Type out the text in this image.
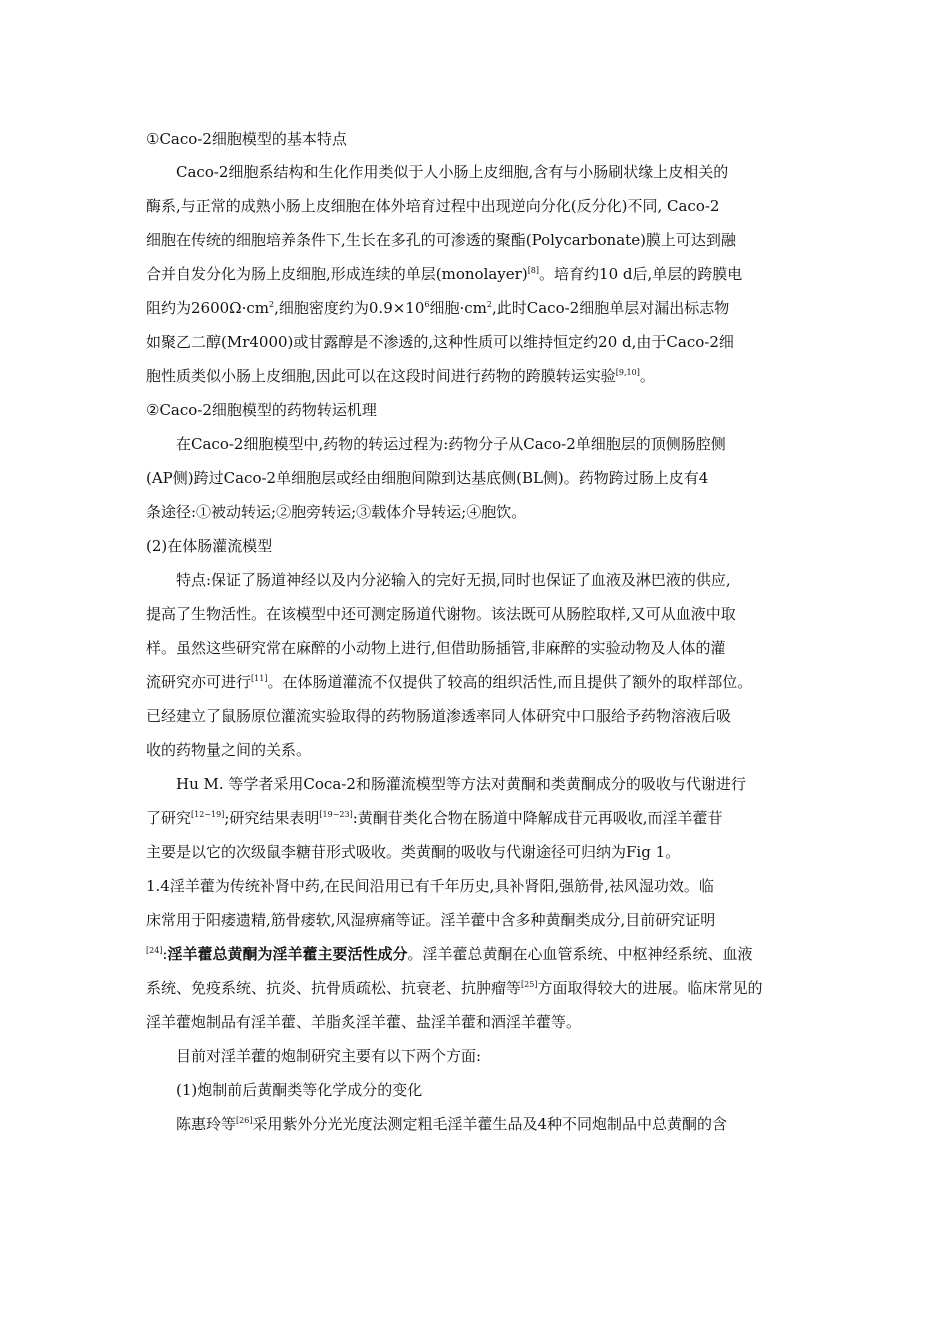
①Caco-2细胞模型的基本特点
Caco-2细胞系结构和生化作用类似于人小肠上皮细胞,含有与小肠刷状缘上皮相关的
酶系,与正常的成熟小肠上皮细胞在体外培育过程中出现逆向分化(反分化)不同, Caco-2
细胞在传统的细胞培养条件下,生长在多孔的可渗透的聚酯(Polycarbonate)膜上可达到融
合并自发分化为肠上皮细胞,形成连续的单层(monolayer)[8]。培育约10 d后,单层的跨膜电
阻约为$2600\Omega\cdot cm^2$,细胞密度约为$0.9\times 10^6$细胞$\cdot cm^2$,此时Caco-2细胞单层对漏出标志物
如聚乙二醇(Mr4000)或甘露醇是不渗透的,这种性质可以维持恒定约20 d,由于Caco-2细
胞性质类似小肠上皮细胞,因此可以在这段时间进行药物的跨膜转运实验[9,10]。
②Caco-2细胞模型的药物转运机理
在Caco-2细胞模型中,药物的转运过程为:药物分子从Caco-2单细胞层的顶侧肠腔侧
(AP侧)跨过Caco-2单细胞层或经由细胞间隙到达基底侧(BL侧)。药物跨过肠上皮有4
条途径:①被动转运;②胞旁转运;③载体介导转运;④胞饮。
(2)在体肠灌流模型
特点:保证了肠道神经以及内分泌输入的完好无损,同时也保证了血液及淋巴液的供应,
提高了生物活性。在该模型中还可测定肠道代谢物。该法既可从肠腔取样,又可从血液中取
样。虽然这些研究常在麻醉的小动物上进行,但借助肠插管,非麻醉的实验动物及人体的灌
流研究亦可进行[11]。在体肠道灌流不仅提供了较高的组织活性,而且提供了额外的取样部位。
已经建立了鼠肠原位灌流实验取得的药物肠道渗透率同人体研究中口服给予药物溶液后吸
收的药物量之间的关系。
Hu M. 等学者采用Coca-2和肠灌流模型等方法对黄酮和类黄酮成分的吸收与代谢进行
了研究[12~19];研究结果表明[19~23]:黄酮苷类化合物在肠道中降解成苷元再吸收,而淫羊藿苷
主要是以它的次级鼠李糖苷形式吸收。类黄酮的吸收与代谢途径可归纳为Fig 1。
1.4淫羊藿为传统补肾中药,在民间沿用已有千年历史,具补肾阳,强筋骨,祛风湿功效。临
床常用于阳痿遗精,筋骨痿软,风湿痹痛等证。淫羊藿中含多种黄酮类成分,目前研究证明
[24]:淫羊藿总黄酮为淫羊藿主要活性成分。淫羊藿总黄酮在心血管系统、中枢神经系统、血液
系统、免疫系统、抗炎、抗骨质疏松、抗衰老、抗肿瘤等[25]方面取得较大的进展。临床常见的
淫羊藿炮制品有淫羊藿、羊脂炙淫羊藿、盐淫羊藿和酒淫羊藿等。
目前对淫羊藿的炮制研究主要有以下两个方面:
(1)炮制前后黄酮类等化学成分的变化
陈惠玲等[26]采用紫外分光光度法测定粗毛淫羊藿生品及4种不同炮制品中总黄酮的含
